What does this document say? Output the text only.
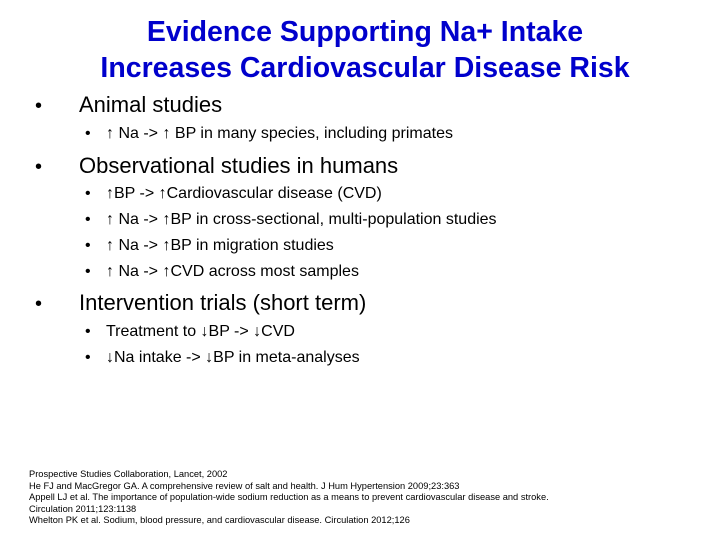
Evidence Supporting Na+ Intake
Increases Cardiovascular Disease Risk
• Animal studies
• ↑ Na -> ↑ BP in many species, including primates
• Observational studies in humans
• ↑BP -> ↑Cardiovascular disease (CVD)
• ↑ Na -> ↑BP in cross-sectional, multi-population studies
• ↑ Na -> ↑BP in migration studies
• ↑ Na -> ↑CVD across most samples
• Intervention trials (short term)
• Treatment to ↓BP -> ↓CVD
• ↓Na intake -> ↓BP in meta-analyses
Prospective Studies Collaboration, Lancet, 2002
He FJ and MacGregor GA. A comprehensive review of salt and health. J Hum Hypertension 2009;23:363
Appell LJ et al. The importance of population-wide sodium reduction as a means to prevent cardiovascular disease and stroke.
Circulation 2011;123:1138
Whelton PK et al. Sodium, blood pressure, and cardiovascular disease. Circulation 2012;126
